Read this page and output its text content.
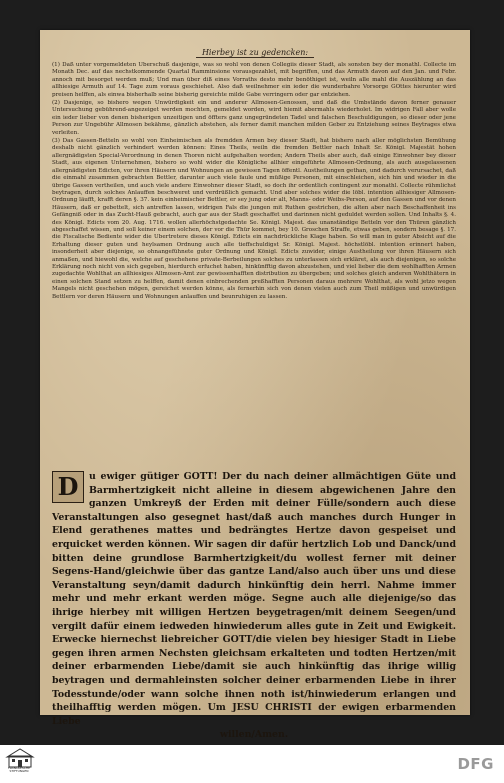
Hierbey ist zu gedencken:

(1) Daß unter vorgemeldeten Uberschuß dasjenige, was so wohl von denen Collegiis dieser Stadt, als sonsten bey der monathl. Collecte im Monath Dec. auf das nechstkommende Quartal Ramminsione vorausgezahlet, mit begriffen, und das Armuth davon auf den Jan. und Febr. annoch mit besorget werden muß; Und man über diß eines Vorraths desto mehr benöthiget ist, weiln alle mahl die Auszählung an das allhiesige Armuth auf 14. Tage zum voraus geschiehet. Also daß weilnehmer ein ieder die wunderbahre Vorsorge GOttes hierunter wird preisen helffen, als einwa bisherhalb seine bisherig gereichte milde Gabe verringern oder gar entziehen.

(2) Dasjenige, so bishero wegen Unwürdigkeit ein und anderer Allmosen-Genossen, und daß die Umbstände davon ferner genauer Untersuchung gebührend-angezeiget werden mochten, gemeldet worden, wird hiemit abermahls wiederholet. Im widrigen Fall aber wolle ein ieder lieber von denen bisherigen unzeitigen und öffters ganz ungegründeten Tadel und falschen Beschuldigungen, so dieser oder jene Person zur Ungebühr Allmosen bekähme, gänzlich abstehen, als ferner damit manchen milden Geber zu Entziehung seines Beytrages etwa verleiten.

(3) Das Gassen-Betteln so wohl von Einheimischen als fremdden Armen bey dieser Stadt, hat bishero nach aller möglichsten Bemühung deshalb nicht gänzlich verhindert werden können: Eines Theils, weiln die fremden Bettler nach Inhalt Sr. Königl. Majestät hohen allergnädigsten Special-Verordnung in denen Thoren nicht aufgehalten worden; Andern Theils aber auch, daß einige Einwohner bey dieser Stadt, aus eigenen Unternehmen, bishero so wohl wider die Königliche allhier eingeführte Allmosen-Ordnung, als auch ausgelassenen allergnädigsten Edicten, vor ihren Häusern und Wohnungen an gewissen Tagen öffentl. Austheilungen gethan, und dadurch verursachet, daß die einmahl zusammen gebrachten Bettler, darunter auch viele faule und müßige Personen, mit einschleichen, sich hin und wieder in die übrige Gassen vertheilen, und auch viele andere Einwohner dieser Stadt, so doch ihr ordentlich contingent zur monathl. Collecte rühmlichst beytragen, durch solches Anlauffen beschweret und verdrüßlich gemacht. Und aber solches wider die löbl. intention allhiesiger Allmosen-Ordnung läufft, krafft deren §. 37. kein einheimischer Bettler, er sey jung oder alt, Manns- oder Weibs-Person, auf den Gassen und vor denen Häusern, daß er gebettelt, sich antreffen lassen, widrigen Fals die jungen mit Ruthen gestrichen, die alten aber nach Beschaffenheit ins Gefängniß oder in das Zucht-Hauß gebracht, auch gar aus der Stadt geschaffet und darinnen nicht geduldet werden sollen. Und Inhalts §. 4. des Königl. Edicts vom 20. Aug. 1716. wollen allerhöchstgedachte Se. Königl. Majest. das unanständige Betteln vor den Thüren gänzlich abgeschaffet wissen, und soll keiner einem solchen, der vor die Thür kommet, bey 10. Groschen Straffe, etwas geben, sondern besage §. 17. die Fiscalische Bediente wider die Ubertretere dieses Königl. Edicts ein nachdrückliche Klage haben. So will man in guter Absicht auf die Erhaltung dieser guten und heylsamen Ordnung auch alle tieffschuldigst Sr. Königl. Majest. höchstlöbl. intention erinnert haben, insonderheit aber diejenige, so ohnangefühnete guter Ordnung und Königl. Edicts zuwider, einige Austheilung vor ihren Häusern sich anmaßen, und hiewohl die, welche auf geschehene private-Berbeilungen solches zu unterlassen sich erkläret, als auch diejenigen, so solche Erklärung noch nicht von sich gegeben, hierdurch erfuchet haben, hinkünfftig davon abzustehen, und viel lieber die dem wohlhafften Armen zugedachte Wohlthat an allhiesiges Allmosen-Amt zur gewissenhafften distribution zu übergeben; und solches gleich anderen Wohlthätern in einen solchen Stand setzen zu helffen, damit denen einbrechenden preßhafften Personen daraus mehrere Wohlthat, als wohl jetzo wegen Mangels nicht geschehen mögen, gereichet werden könne, als fernerhin sich von denen vielen auch zum Theil müßigen und unwürdigen Bettlern vor deren Häusern und Wohnungen anlauffen und beunruhigen zu lassen.

D	u ewiger gütiger GOTT! Der du nach deiner allmächtigen Güte und Barmhertzigkeit nicht alleine in diesem abgewichenen Jahre den ganzen Umkreyß der Erden mit deiner Fülle/sondern auch diese Veranstaltungen also gesegnet hast/daß auch manches durch Hunger in Elend gerathenes mattes und bedrängtes Hertze davon gespeiset und erquicket werden können. Wir sagen dir dafür hertzlich Lob und Danck/und bitten deine grundlose Barmhertzigkeit/du wollest ferner mit deiner Segens-Hand/gleichwie über das gantze Land/also auch über uns und diese Veranstaltung seyn/damit dadurch hinkünftig dein herrl. Nahme immer mehr und mehr erkant werden möge. Segne auch alle diejenige/so das ihrige hierbey mit willigen Hertzen beygetragen/mit deinem Seegen/und vergilt dafür einem iedweden hinwiederum alles gute in Zeit und Ewigkeit. Erwecke hiernechst liebreicher GOTT/die vielen bey hiesiger Stadt in Liebe gegen ihren armen Nechsten gleichsam erkalteten und todten Hertzen/mit deiner erbarmenden Liebe/damit sie auch hinkünftig das ihrige willig beytragen und dermahleinsten solcher deiner erbarmenden Liebe in ihrer Todesstunde/oder wann solche ihnen noth ist/hinwiederum erlangen und theilhafftig werden mögen. Um JESU CHRISTI der ewigen erbarmenden Liebe
willen/Amen.
FRANCKESCHE STIFTUNGEN	DFG
